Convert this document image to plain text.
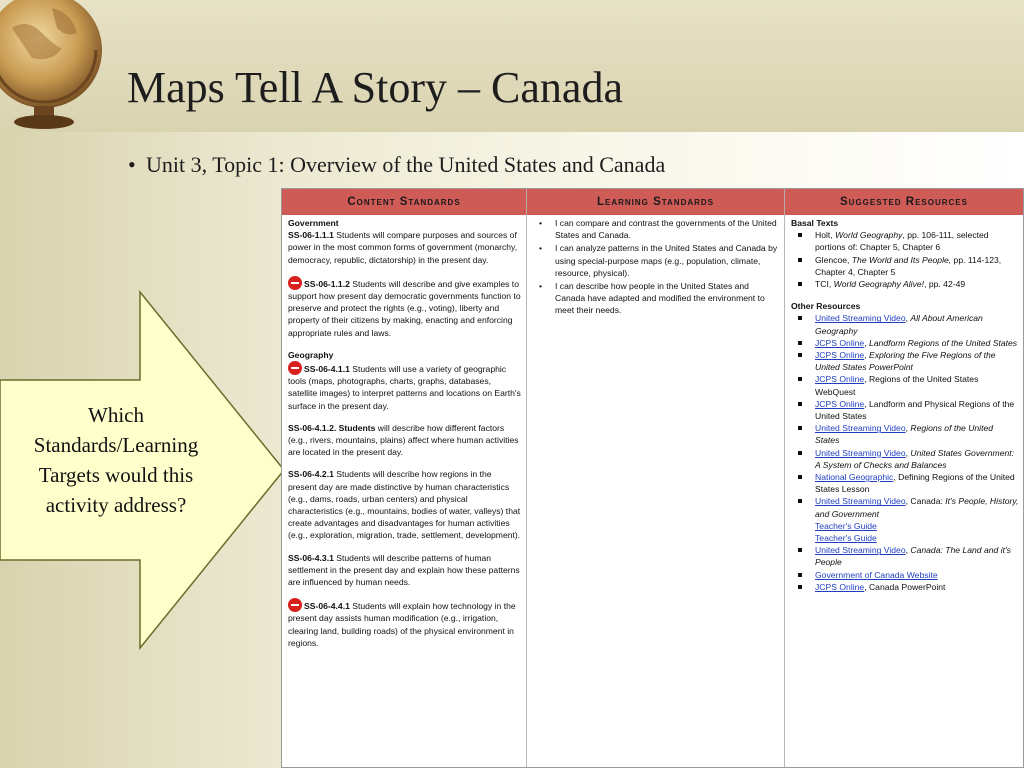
Maps Tell A Story – Canada
• Unit 3, Topic 1: Overview of the United States and Canada
Which Standards/Learning Targets would this activity address?
Content Standards	Learning Standards	Suggested Resources
Government
SS-06-1.1.1 Students will compare purposes and sources of power in the most common forms of government (monarchy, democracy, republic, dictatorship) in the present day.
SS-06-1.1.2 Students will describe and give examples to support how present day democratic governments function to preserve and protect the rights (e.g., voting), liberty and property of their citizens by making, enacting and enforcing appropriate rules and laws.
Geography
SS-06-4.1.1 Students will use a variety of geographic tools (maps, photographs, charts, graphs, databases, satellite images) to interpret patterns and locations on Earth's surface in the present day.
SS-06-4.1.2. Students will describe how different factors (e.g., rivers, mountains, plains) affect where human activities are located in the present day.
SS-06-4.2.1 Students will describe how regions in the present day are made distinctive by human characteristics (e.g., dams, roads, urban centers) and physical characteristics (e.g., mountains, bodies of water, valleys) that create advantages and disadvantages for human activities (e.g., exploration, migration, trade, settlement, development).
SS-06-4.3.1 Students will describe patterns of human settlement in the present day and explain how these patterns are influenced by human needs.
SS-06-4.4.1 Students will explain how technology in the present day assists human modification (e.g., irrigation, clearing land, building roads) of the physical environment in regions.
• I can compare and contrast the governments of the United States and Canada.
• I can analyze patterns in the United States and Canada by using special-purpose maps (e.g., population, climate, resource, physical).
• I can describe how people in the United States and Canada have adapted and modified the environment to meet their needs.
Basal Texts
Holt, World Geography, pp. 106-111, selected portions of: Chapter 5, Chapter 6
Glencoe, The World and Its People, pp. 114-123, Chapter 4, Chapter 5
TCI, World Geography Alive!, pp. 42-49
Other Resources
United Streaming Video, All About American Geography
JCPS Online, Landform Regions of the United States
JCPS Online, Exploring the Five Regions of the United States PowerPoint
JCPS Online, Regions of the United States WebQuest
JCPS Online, Landform and Physical Regions of the United States
United Streaming Video, Regions of the United States
United Streaming Video, United States Government: A System of Checks and Balances
National Geographic, Defining Regions of the United States Lesson
United Streaming Video, Canada: It's People, History, and Government
Teacher's Guide
Teacher's Guide
United Streaming Video, Canada: The Land and it's People
Government of Canada Website
JCPS Online, Canada PowerPoint
